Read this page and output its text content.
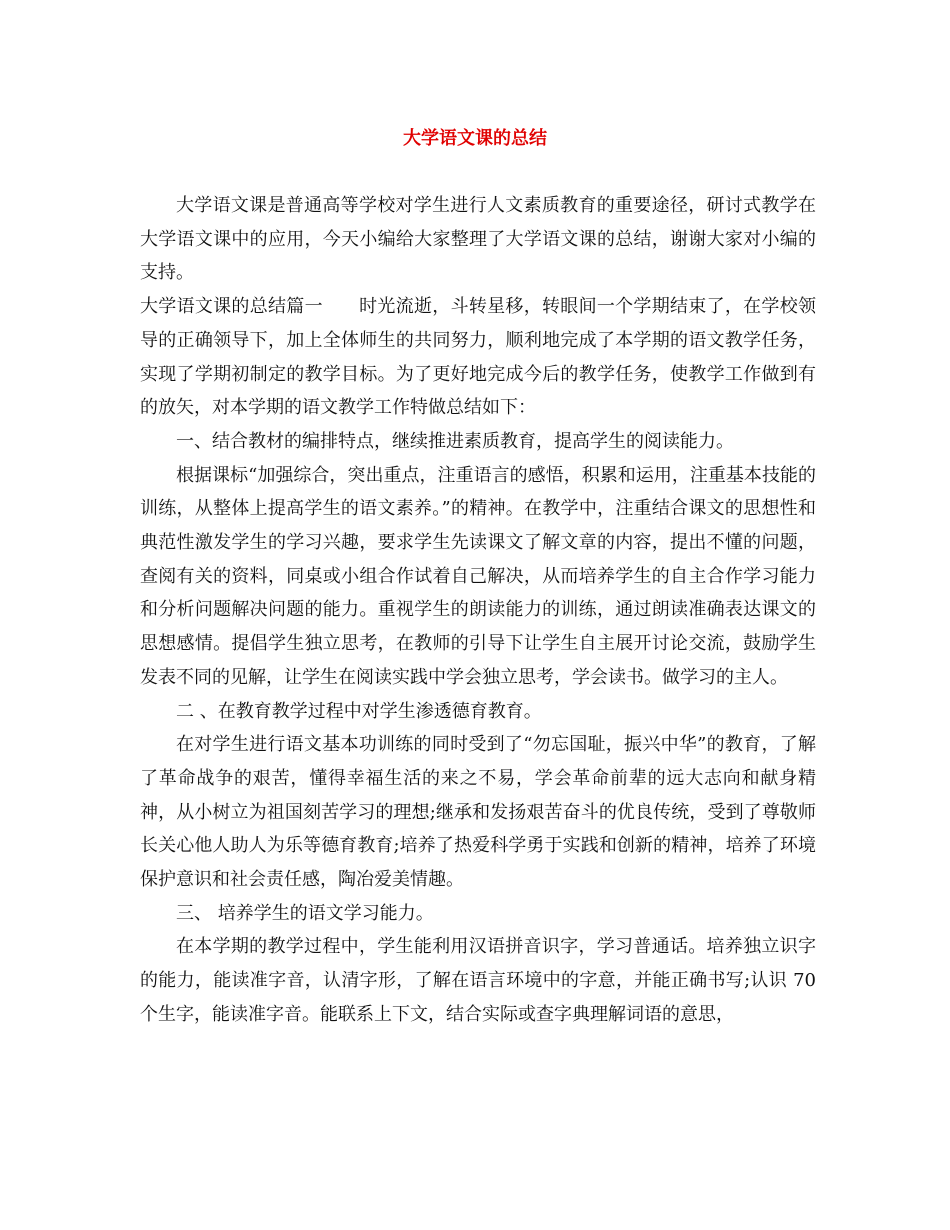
大学语文课的总结

大学语文课是普通高等学校对学生进行人文素质教育的重要途径，研讨式教学在大学语文课中的应用，今天小编给大家整理了大学语文课的总结，谢谢大家对小编的支持。

大学语文课的总结篇一 时光流逝，斗转星移，转眼间一个学期结束了，在学校领导的正确领导下，加上全体师生的共同努力，顺利地完成了本学期的语文教学任务，实现了学期初制定的教学目标。为了更好地完成今后的教学任务，使教学工作做到有的放矢，对本学期的语文教学工作特做总结如下：

一、结合教材的编排特点，继续推进素质教育，提高学生的阅读能力。

根据课标“加强综合，突出重点，注重语言的感悟，积累和运用，注重基本技能的训练，从整体上提高学生的语文素养。”的精神。在教学中，注重结合课文的思想性和典范性激发学生的学习兴趣，要求学生先读课文了解文章的内容，提出不懂的问题，查阅有关的资料，同桌或小组合作试着自己解决，从而培养学生的自主合作学习能力和分析问题解决问题的能力。重视学生的朗读能力的训练，通过朗读准确表达课文的思想感情。提倡学生独立思考，在教师的引导下让学生自主展开讨论交流，鼓励学生发表不同的见解，让学生在阅读实践中学会独立思考，学会读书。做学习的主人。

二 、在教育教学过程中对学生渗透德育教育。

在对学生进行语文基本功训练的同时受到了“勿忘国耻，振兴中华”的教育，了解了革命战争的艰苦，懂得幸福生活的来之不易，学会革命前辈的远大志向和献身精神，从小树立为祖国刻苦学习的理想;继承和发扬艰苦奋斗的优良传统，受到了尊敬师长关心他人助人为乐等德育教育;培养了热爱科学勇于实践和创新的精神，培养了环境保护意识和社会责任感，陶冶爱美情趣。

三、 培养学生的语文学习能力。

在本学期的教学过程中，学生能利用汉语拼音识字，学习普通话。培养独立识字的能力，能读准字音，认清字形，了解在语言环境中的字意，并能正确书写;认识 70 个生字，能读准字音。能联系上下文，结合实际或查字典理解词语的意思，
